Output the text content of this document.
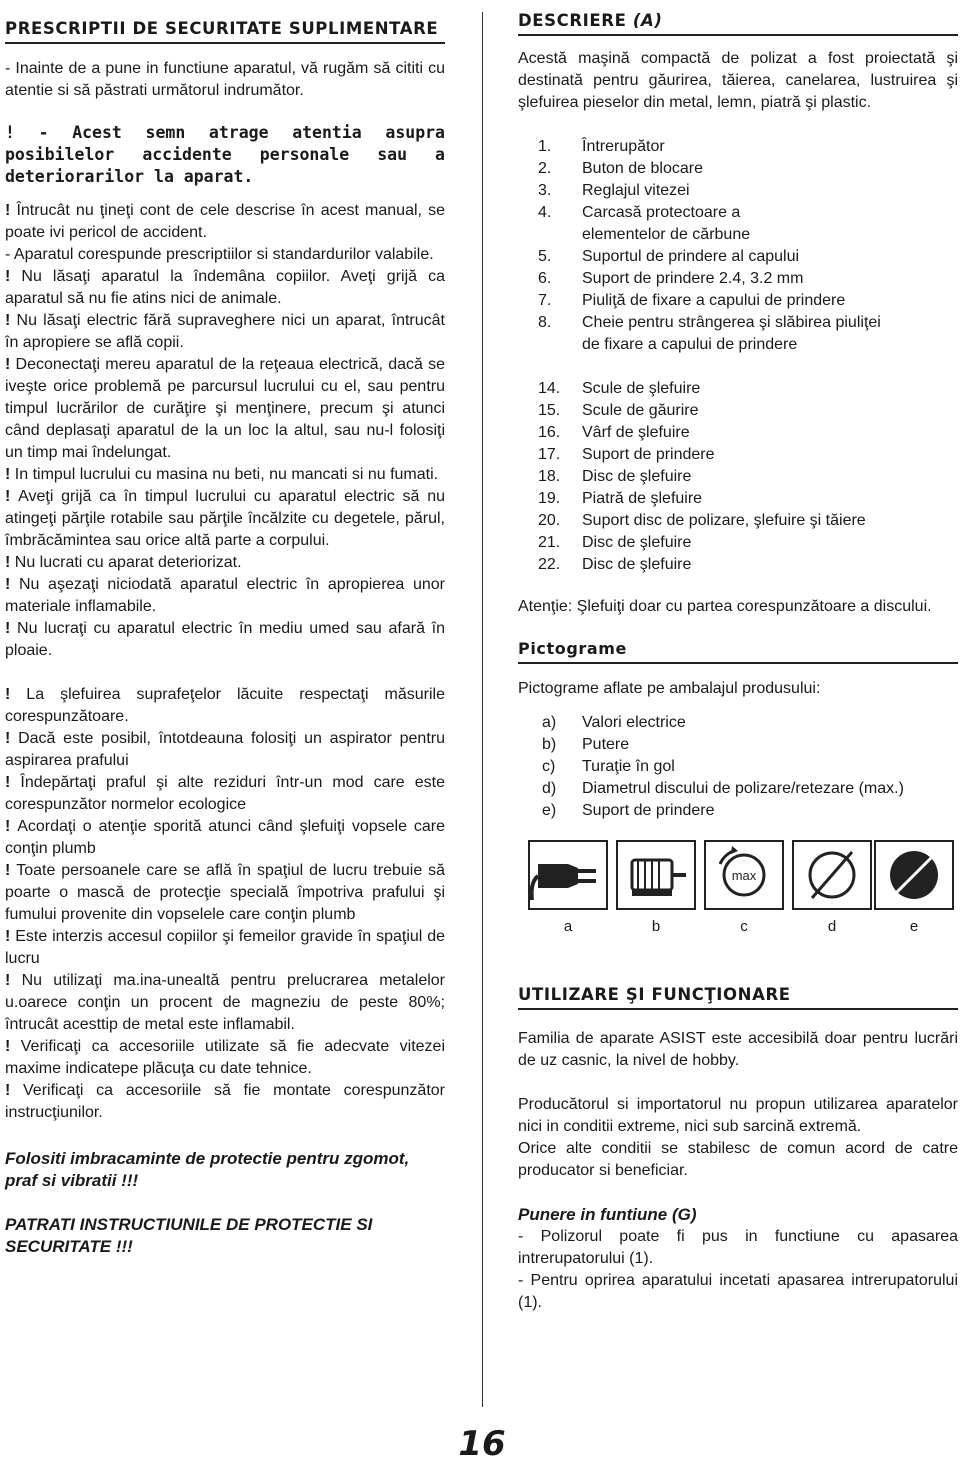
PRESCRIPTII DE SECURITATE SUPLIMENTARE

- Inainte de a pune in functiune aparatul, vă rugăm să cititi cu atentie si să păstrati următorul indrumător.

! - Acest semn atrage atentia asupra posibilelor accidente personale sau a deteriorarilor la aparat.

! Întrucât nu ţineţi cont de cele descrise în acest manual, se poate ivi pericol de accident.

- Aparatul corespunde prescriptiilor si standardurilor valabile.

! Nu lăsaţi aparatul la îndemâna copiilor. Aveţi grijă ca aparatul să nu fie atins nici de animale.

! Nu lăsaţi electric fără supraveghere nici un aparat, întrucât în apropiere se află copii.

! Deconectaţi mereu aparatul de la reţeaua electrică, dacă se iveşte orice problemă pe parcursul lucrului cu el, sau pentru timpul lucrărilor de curăţire şi menţinere, precum şi atunci când deplasaţi aparatul de la un loc la altul, sau nu-l folosiţi un timp mai îndelungat.

! In timpul lucrului cu masina nu beti, nu mancati si nu fumati.

! Aveţi grijă ca în timpul lucrului cu aparatul electric să nu atingeţi părţile rotabile sau părţile încălzite cu degetele, părul, îmbrăcămintea sau orice altă parte a corpului.

! Nu lucrati cu aparat deteriorizat.

! Nu aşezaţi niciodată aparatul electric în apropierea unor materiale inflamabile.

! Nu lucraţi cu aparatul electric în mediu umed sau afară în ploaie.

! La şlefuirea suprafeţelor lăcuite respectaţi măsurile corespunzătoare.

! Dacă este posibil, întotdeauna folosiţi un aspirator pentru aspirarea prafului

! Îndepărtaţi praful şi alte reziduri într-un mod care este corespunzător normelor ecologice

! Acordaţi o atenţie sporită atunci când şlefuiţi vopsele care conţin plumb

! Toate persoanele care se află în spaţiul de lucru trebuie să poarte o mască de protecţie specială împotriva prafului şi fumului provenite din vopselele care conţin plumb

! Este interzis accesul copiilor şi femeilor gravide în spaţiul de lucru

! Nu utilizaţi ma.ina-unealtă pentru prelucrarea metalelor u.oarece conţin un procent de magneziu de peste 80%; întrucât acesttip de metal este inflamabil.

! Verificaţi ca accesoriile utilizate să fie adecvate vitezei maxime indicatepe plăcuţa cu date tehnice.

! Verificaţi ca accesoriile să fie montate corespunzător instrucţiunilor.

Folositi imbracaminte de protectie pentru zgomot, praf si vibratii !!!

PATRATI INSTRUCTIUNILE DE PROTECTIE SI SECURITATE !!!

DESCRIERE (A)

Acestă maşină compactă de polizat a fost proiectată şi destinată pentru găurirea, tăierea, canelarea, lustruirea şi şlefuirea pieselor din metal, lemn, piatră şi plastic.

1.	Întrerupător
2.	Buton de blocare
3.	Reglajul vitezei
4.	Carcasă protectoare a elementelor de cărbune
5.	Suportul de prindere al capului
6.	Suport de prindere 2.4, 3.2 mm
7.	Piuliţă de fixare a capului de prindere
8.	Cheie pentru strângerea şi slăbirea piuliţei de fixare a capului de prindere
14.	Scule de şlefuire
15.	Scule de găurire
16.	Vârf de şlefuire
17.	Suport de prindere
18.	Disc de şlefuire
19.	Piatră de şlefuire
20.	Suport disc de polizare, şlefuire şi tăiere
21.	Disc de şlefuire
22.	Disc de şlefuire

Atenţie: Şlefuiţi doar cu partea corespunzătoare a discului.

Pictograme

Pictograme aflate pe ambalajul produsului:

a)	Valori electrice
b)	Putere
c)	Turaţie în gol
d)	Diametrul discului de polizare/retezare (max.)
e)	Suport de prindere
a	b
max
c	d	e
UTILIZARE ŞI FUNCŢIONARE

Familia de aparate ASIST este accesibilă doar pentru lucrări de uz casnic, la nivel de hobby.

Producătorul si importatorul nu propun utilizarea aparatelor nici in conditii extreme, nici sub sarcină extremă.

Orice alte conditii se stabilesc de comun acord de catre producator si beneficiar.

Punere in funtiune (G)

- Polizorul poate fi pus in functiune cu apasarea intrerupatorului (1).

- Pentru oprirea aparatului incetati apasarea intrerupatorului (1).

16
